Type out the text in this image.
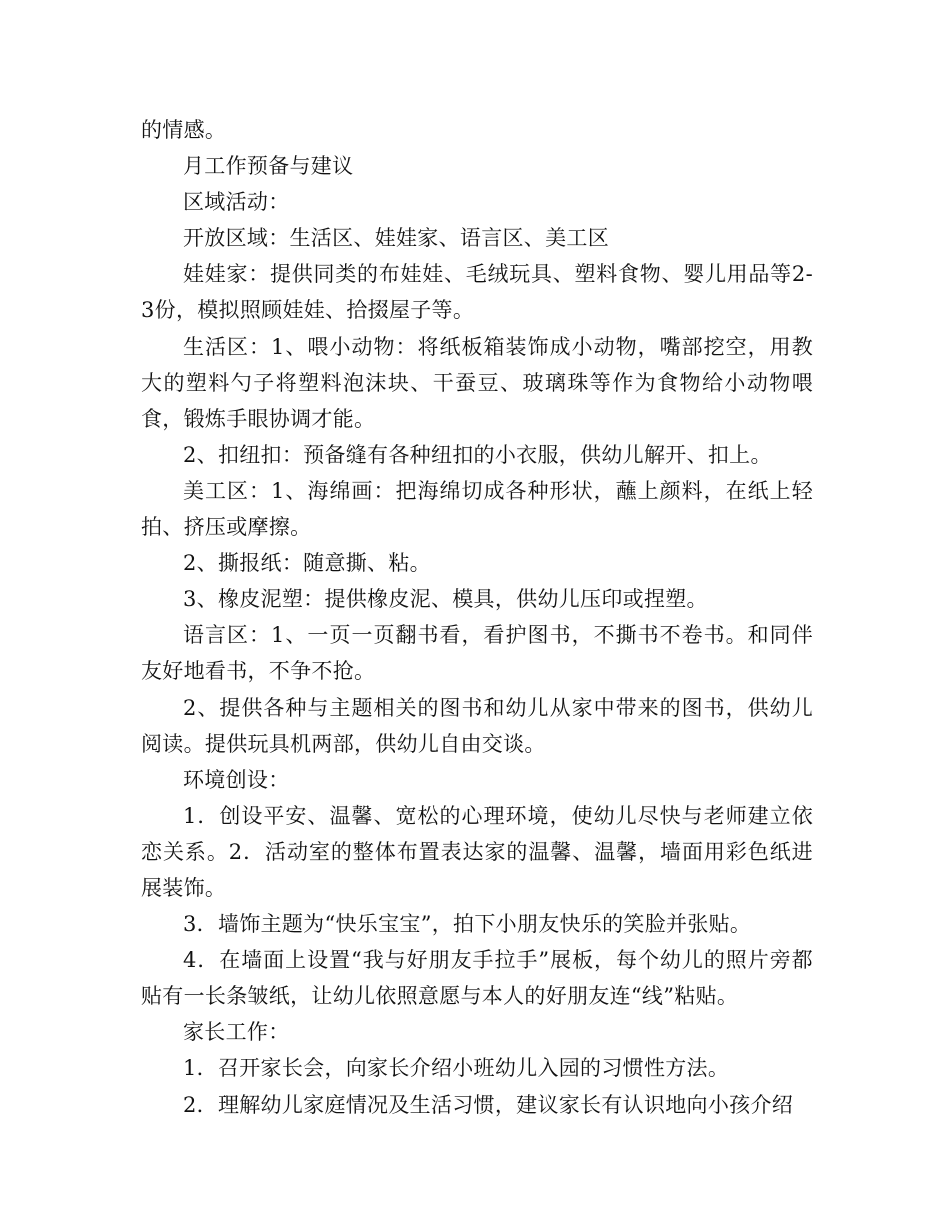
的情感。

月工作预备与建议

区域活动：

开放区域：生活区、娃娃家、语言区、美工区

娃娃家：提供同类的布娃娃、毛绒玩具、塑料食物、婴儿用品等2-3份，模拟照顾娃娃、拾掇屋子等。

生活区：1、喂小动物：将纸板箱装饰成小动物，嘴部挖空，用教大的塑料勺子将塑料泡沫块、干蚕豆、玻璃珠等作为食物给小动物喂食，锻炼手眼协调才能。

2、扣纽扣：预备缝有各种纽扣的小衣服，供幼儿解开、扣上。

美工区：1、海绵画：把海绵切成各种形状，蘸上颜料，在纸上轻拍、挤压或摩擦。

2、撕报纸：随意撕、粘。

3、橡皮泥塑：提供橡皮泥、模具，供幼儿压印或捏塑。

语言区：1、一页一页翻书看，看护图书，不撕书不卷书。和同伴友好地看书，不争不抢。

2、提供各种与主题相关的图书和幼儿从家中带来的图书，供幼儿阅读。提供玩具机两部，供幼儿自由交谈。

环境创设：

1．创设平安、温馨、宽松的心理环境，使幼儿尽快与老师建立依恋关系。2．活动室的整体布置表达家的温馨、温馨，墙面用彩色纸进展装饰。

3．墙饰主题为“快乐宝宝”，拍下小朋友快乐的笑脸并张贴。

4．在墙面上设置“我与好朋友手拉手”展板，每个幼儿的照片旁都贴有一长条皱纸，让幼儿依照意愿与本人的好朋友连“线”粘贴。

家长工作：

1．召开家长会，向家长介绍小班幼儿入园的习惯性方法。

2．理解幼儿家庭情况及生活习惯，建议家长有认识地向小孩介绍
